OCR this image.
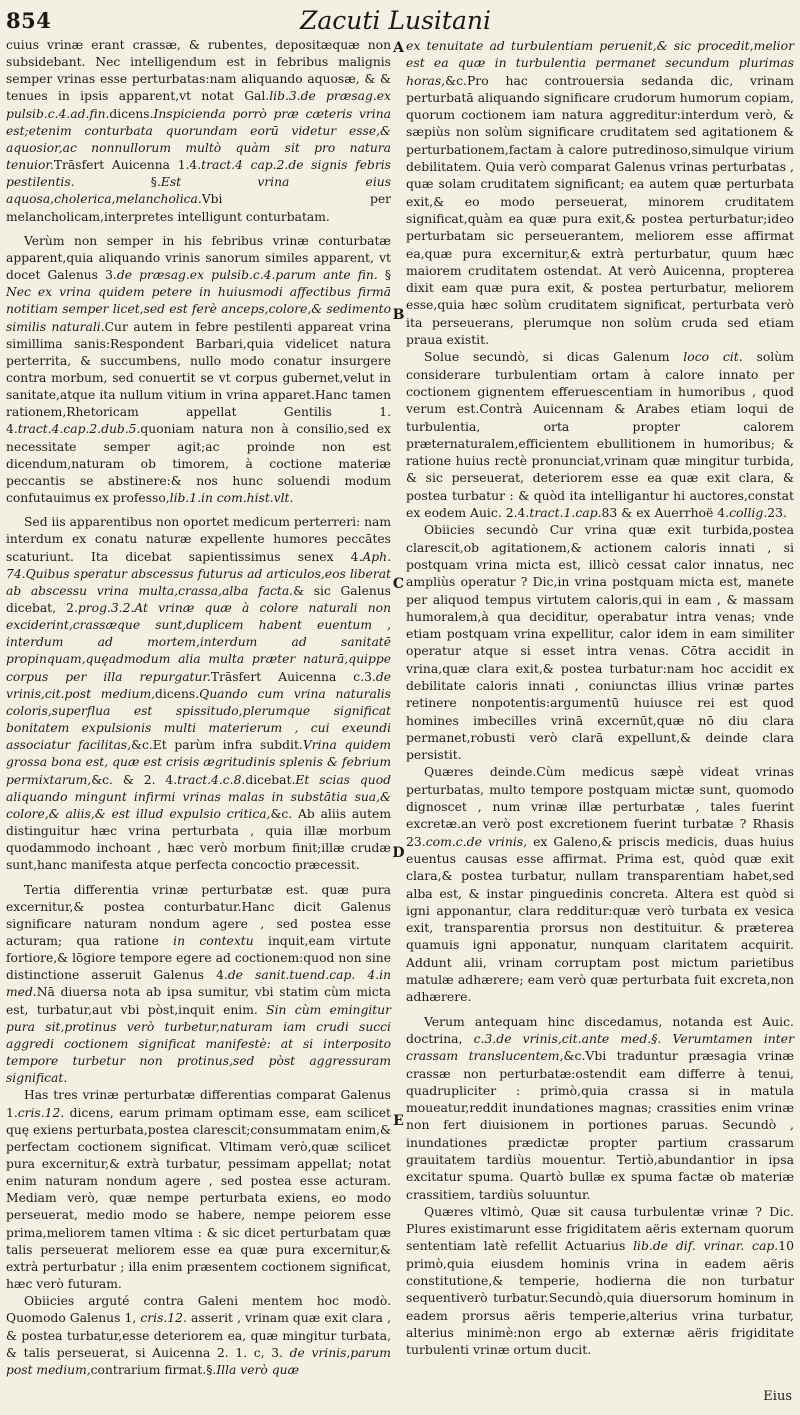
854	Zacuti Lusitani

cuius vrinæ erant crassæ, & rubentes, depositæquæ non subsidebant. Nec intelligendum est in febribus malignis semper vrinas esse perturbatas:nam aliquando aquosæ, & & tenues in ipsis apparent,vt notat Gal.lib.3.de præsag.ex pulsib.c.4.ad.fin.dicens.Inspicienda porrò præ cæteris vrina est;etenim conturbata quorundam eorū videtur esse,& aquosior,ac nonnullorum multò quàm sit pro natura tenuior.Trāsfert Auicenna 1.4.tract.4 cap.2.de signis febris pestilentis. §.Est vrina eius aquosa,cholerica,melancholica.Vbi per melancholicam,interpretes intelligunt conturbatam.

Verùm non semper in his febribus vrinæ conturbatæ apparent,quia aliquando vrinis sanorum similes apparent, vt docet Galenus 3.de præsag.ex pulsib.c.4.parum ante fin. § Nec ex vrina quidem petere in huiusmodi affectibus firmā notitiam semper licet,sed est ferè anceps,colore,& sedimento similis naturali.Cur autem in febre pestilenti appareat vrina simillima sanis:Respondent Barbari,quia videlicet natura perterrita, & succumbens, nullo modo conatur insurgere contra morbum, sed conuertit se vt corpus gubernet,velut in sanitate,atque ita nullum vitium in vrina apparet.Hanc tamen rationem,Rhetoricam appellat Gentilis 1. 4.tract.4.cap.2.dub.5.quoniam natura non à consilio,sed ex necessitate semper agit;ac proinde non est dicendum,naturam ob timorem, à coctione materiæ peccantis se abstinere:& nos hunc soluendi modum confutauimus ex professo,lib.1.in com.hist.vlt.

Sed iis apparentibus non oportet medicum perterreri: nam interdum ex conatu naturæ expellente humores peccātes scaturiunt. Ita dicebat sapientissimus senex 4.Aph. 74.Quibus speratur abscessus futurus ad articulos,eos liberat ab abscessu vrina multa,crassa,alba facta.& sic Galenus dicebat, 2.prog.3.2.At vrinæ quæ à colore naturali non exciderint,crassæque sunt,duplicem habent euentum , interdum ad mortem,interdum ad sanitatē propinquam,quęadmodum alia multa præter naturā,quippe corpus per illa repurgatur.Trāsfert Auicenna c.3.de vrinis,cit.post medium,dicens.Quando cum vrina naturalis coloris,superflua est spissitudo,plerumque significat bonitatem expulsionis multi materierum , cui exeundi associatur facilitas,&c.Et parùm infra subdit.Vrina quidem grossa bona est, quæ est crisis ægritudinis splenis & febrium permixtarum,&c. & 2. 4.tract.4.c.8.dicebat.Et scias quod aliquando mingunt infirmi vrinas malas in substātia sua,& colore,& aliis,& est illud expulsio critica,&c. Ab aliis autem distinguitur hæc vrina perturbata , quia illæ morbum quodammodo inchoant , hæc verò morbum finit;illæ crudæ sunt,hanc manifesta atque perfecta concoctio præcessit.

Tertia differentia vrinæ perturbatæ est. quæ pura excernitur,& postea conturbatur.Hanc dicit Galenus significare naturam nondum agere , sed postea esse acturam; qua ratione in contextu inquit,eam virtute fortiore,& lōgiore tempore egere ad coctionem:quod non sine distinctione asseruit Galenus 4.de sanit.tuend.cap. 4.in med.Nā diuersa nota ab ipsa sumitur, vbi statim cùm micta est, turbatur,aut vbi pòst,inquit enim. Sin cùm emingitur pura sit,protinus verò turbetur,naturam iam crudi succi aggredi coctionem significat manifestè: at si interposito tempore turbetur non protinus,sed pòst aggressuram significat.

Has tres vrinæ perturbatæ differentias comparat Galenus 1.cris.12. dicens, earum primam optimam esse, eam scilicet quę exiens perturbata,postea clarescit;consummatam enim,& perfectam coctionem significat. Vltimam verò,quæ scilicet pura excernitur,& extrà turbatur, pessimam appellat; notat enim naturam nondum agere , sed postea esse acturam. Mediam verò, quæ nempe perturbata exiens, eo modo perseuerat, medio modo se habere, nempe peiorem esse prima,meliorem tamen vltima : & sic dicet perturbatam quæ talis perseuerat meliorem esse ea quæ pura excernitur,& extrà perturbatur ; illa enim præsentem coctionem significat, hæc verò futuram.

Obiicies arguté contra Galeni mentem hoc modò. Quomodo Galenus 1, cris.12. asserit , vrinam quæ exit clara , & postea turbatur,esse deteriorem ea, quæ mingitur turbata, & talis perseuerat, si Auicenna 2. 1. c, 3. de vrinis,parum post medium,contrarium firmat.§.Illa verò quæ

A
B
C
D
E

ex tenuitate ad turbulentiam peruenit,& sic procedit,melior est ea quæ in turbulentia permanet secundum plurimas horas,&c.Pro hac controuersia sedanda dic, vrinam perturbatā aliquando significare crudorum humorum copiam, quorum coctionem iam natura aggreditur:interdum verò, & sæpiùs non solùm significare cruditatem sed agitationem & perturbationem,factam à calore putredinoso,simulque virium debilitatem. Quia verò comparat Galenus vrinas perturbatas , quæ solam cruditatem significant; ea autem quæ perturbata exit,& eo modo perseuerat, minorem cruditatem significat,quàm ea quæ pura exit,& postea perturbatur;ideo perturbatam sic perseuerantem, meliorem esse affirmat ea,quæ pura excernitur,& extrà perturbatur, quum hæc maiorem cruditatem ostendat. At verò Auicenna, propterea dixit eam quæ pura exit, & postea perturbatur, meliorem esse,quia hæc solùm cruditatem significat, perturbata verò ita perseuerans, plerumque non solùm cruda sed etiam praua existit.

Solue secundò, si dicas Galenum loco cit. solùm considerare turbulentiam ortam à calore innato per coctionem gignentem efferuescentiam in humoribus , quod verum est.Contrà Auicennam & Arabes etiam loqui de turbulentia, orta propter calorem præternaturalem,efficientem ebullitionem in humoribus; & ratione huius rectè pronunciat,vrinam quæ mingitur turbida, & sic perseuerat, deteriorem esse ea quæ exit clara, & postea turbatur : & quòd ita intelligantur hi auctores,constat ex eodem Auic. 2.4.tract.1.cap.83 & ex Auerrhoë 4.collig.23.

Obiicies secundò Cur vrina quæ exit turbida,postea clarescit,ob agitationem,& actionem caloris innati , si postquam vrina micta est, illicò cessat calor innatus, nec ampliùs operatur ? Dic,in vrina postquam micta est, manete per aliquod tempus virtutem caloris,qui in eam , & massam humoralem,à qua deciditur, operabatur intra venas; vnde etiam postquam vrina expellitur, calor idem in eam similiter operatur atque si esset intra venas. Cōtra accidit in vrina,quæ clara exit,& postea turbatur:nam hoc accidit ex debilitate caloris innati , coniunctas illius vrinæ partes retinere nonpotentis:argumentū huiusce rei est quod homines imbecilles vrinā excernūt,quæ nō diu clara permanet,robusti verò clarā expellunt,& deinde clara persistit.

Quæres deinde.Cùm medicus sæpè videat vrinas perturbatas, multo tempore postquam mictæ sunt, quomodo dignoscet , num vrinæ illæ perturbatæ , tales fuerint excretæ.an verò post excretionem fuerint turbatæ ? Rhasis 23.com.c.de vrinis, ex Galeno,& priscis medicis, duas huius euentus causas esse affirmat. Prima est, quòd quæ exit clara,& postea turbatur, nullam transparentiam habet,sed alba est, & instar pinguedinis concreta. Altera est quòd si igni apponantur, clara redditur:quæ verò turbata ex vesica exit, transparentia prorsus non destituitur. & præterea quamuis igni apponatur, nunquam claritatem acquirit. Addunt alii, vrinam corruptam post mictum parietibus matulæ adhærere; eam verò quæ perturbata fuit excreta,non adhærere.

Verum antequam hinc discedamus, notanda est Auic. doctrina, c.3.de vrinis,cit.ante med.§. Verumtamen inter crassam translucentem,&c.Vbi traduntur præsagia vrinæ crassæ non perturbatæ:ostendit eam differre à tenui, quadrupliciter : primò,quia crassa si in matula moueatur,reddit inundationes magnas; crassities enim vrinæ non fert diuisionem in portiones paruas. Secundò , inundationes prædictæ propter partium crassarum grauitatem tardiùs mouentur. Tertiò,abundantior in ipsa excitatur spuma. Quartò bullæ ex spuma factæ ob materiæ crassitiem, tardiùs soluuntur.

Quæres vltimò, Quæ sit causa turbulentæ vrinæ ? Dic. Plures existimarunt esse frigiditatem aëris externam quorum sententiam latè refellit Actuarius lib.de dif. vrinar. cap.10 primò,quia eiusdem hominis vrina in eadem aëris constitutione,& temperie, hodierna die non turbatur sequentiverò turbatur.Secundò,quia diuersorum hominum in eadem prorsus aëris temperie,alterius vrina turbatur, alterius minimè:non ergo ab externæ aëris frigiditate turbulenti vrinæ ortum ducit.

Eius
